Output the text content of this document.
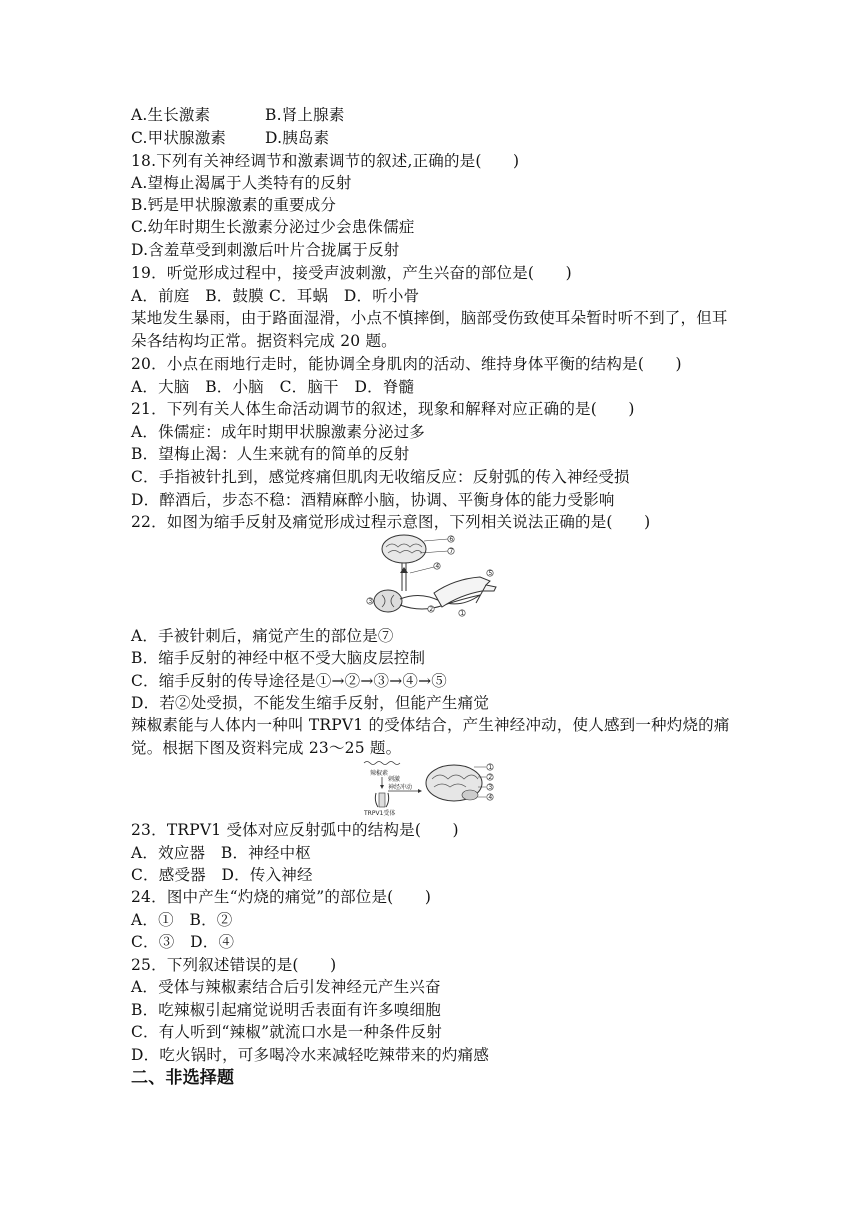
A.生长激素	B.肾上腺素
C.甲状腺激素	D.胰岛素
18.下列有关神经调节和激素调节的叙述,正确的是(　　)
A.望梅止渴属于人类特有的反射
B.钙是甲状腺激素的重要成分
C.幼年时期生长激素分泌过少会患侏儒症
D.含羞草受到刺激后叶片合拢属于反射
19．听觉形成过程中，接受声波刺激，产生兴奋的部位是(　　)
A．前庭　B．鼓膜 C．耳蜗　D．听小骨
某地发生暴雨，由于路面湿滑，小点不慎摔倒，脑部受伤致使耳朵暂时听不到了，但耳朵各结构均正常。据资料完成 20 题。
20．小点在雨地行走时，能协调全身肌肉的活动、维持身体平衡的结构是(　　)
A．大脑　B．小脑　C．脑干　D．脊髓
21．下列有关人体生命活动调节的叙述，现象和解释对应正确的是(　　)
A．侏儒症：成年时期甲状腺激素分泌过多
B．望梅止渴：人生来就有的简单的反射
C．手指被针扎到，感觉疼痛但肌肉无收缩反应：反射弧的传入神经受损
D．醉酒后，步态不稳：酒精麻醉小脑，协调、平衡身体的能力受影响
22．如图为缩手反射及痛觉形成过程示意图，下列相关说法正确的是(　　)
6
7
4
3
2
1
5
A．手被针刺后，痛觉产生的部位是⑦
B．缩手反射的神经中枢不受大脑皮层控制
C．缩手反射的传导途径是①→②→③→④→⑤
D．若②处受损，不能发生缩手反射，但能产生痛觉
辣椒素能与人体内一种叫 TRPV1 的受体结合，产生神经冲动，使人感到一种灼烧的痛觉。根据下图及资料完成 23～25 题。
辣椒素
刺激
神经冲动
TRPV1受体
1
2
3
4
23．TRPV1 受体对应反射弧中的结构是(　　)
A．效应器　B．神经中枢
C．感受器　D．传入神经
24．图中产生“灼烧的痛觉”的部位是(　　)
A．①　B．②
C．③　D．④
25．下列叙述错误的是(　　)
A．受体与辣椒素结合后引发神经元产生兴奋
B．吃辣椒引起痛觉说明舌表面有许多嗅细胞
C．有人听到“辣椒”就流口水是一种条件反射
D．吃火锅时，可多喝冷水来减轻吃辣带来的灼痛感
二、非选择题
